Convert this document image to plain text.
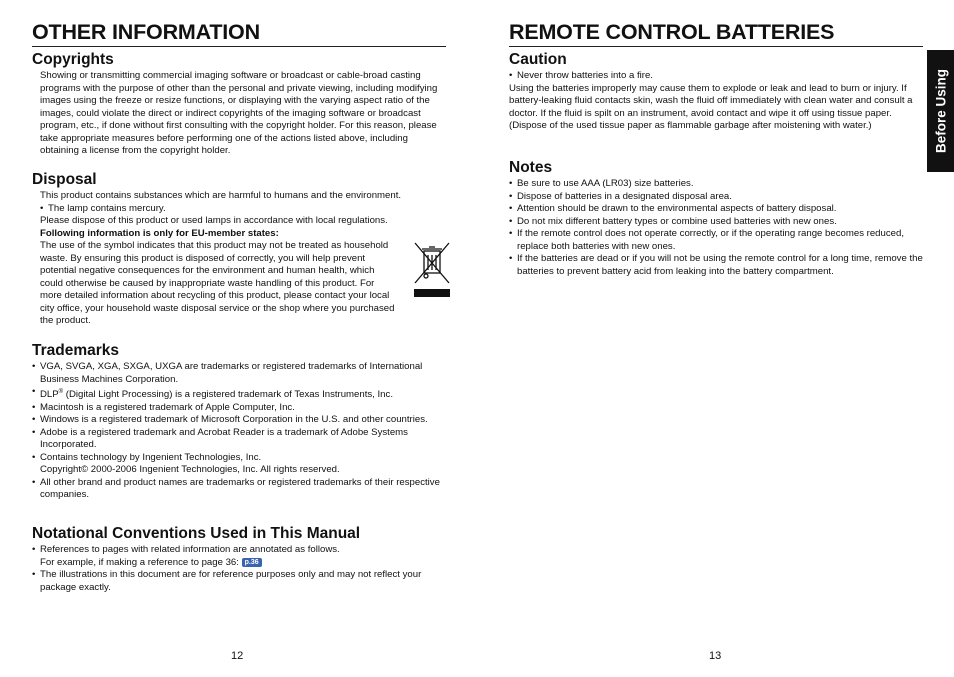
OTHER INFORMATION
Copyrights

Showing or transmitting commercial imaging software or broadcast or cable-broad casting programs with the purpose of other than the personal and private viewing, including modifying images using the freeze or resize functions, or displaying with the varying aspect ratio of the images, could violate the direct or indirect copyrights of the imaging software or broadcast program, etc., if done without first consulting with the copyright holder. For this reason, please take appropriate measures before performing one of the actions listed above, including obtaining a license from the copyright holder.

Disposal

This product contains substances which are harmful to humans and the environment.

• The lamp contains mercury.

Please dispose of this product or used lamps in accordance with local regulations.

Following information is only for EU-member states:

The use of the symbol indicates that this product may not be treated as household waste. By ensuring this product is disposed of correctly, you will help prevent potential negative consequences for the environment and human health, which could otherwise be caused by inappropriate waste handling of this product. For more detailed information about recycling of this product, please contact your local city office, your household waste disposal service or the shop where you purchased the product.

Trademarks
• VGA, SVGA, XGA, SXGA, UXGA are trademarks or registered trademarks of International Business Machines Corporation.
• DLP® (Digital Light Processing) is a registered trademark of Texas Instruments, Inc.
• Macintosh is a registered trademark of Apple Computer, Inc.
• Windows is a registered trademark of Microsoft Corporation in the U.S. and other countries.
• Adobe is a registered trademark and Acrobat Reader is a trademark of Adobe Systems Incorporated.
• Contains technology by Ingenient Technologies, Inc.
Copyright© 2000-2006 Ingenient Technologies, Inc. All rights reserved.
• All other brand and product names are trademarks or registered trademarks of their respective companies.
Notational Conventions Used in This Manual
• References to pages with related information are annotated as follows.
For example, if making a reference to page 36: p.36
• The illustrations in this document are for reference purposes only and may not reflect your package exactly.
12
REMOTE CONTROL BATTERIES
Caution
• Never throw batteries into a fire.

Using the batteries improperly may cause them to explode or leak and lead to burn or injury. If battery-leaking fluid contacts skin, wash the fluid off immediately with clean water and consult a doctor. If the fluid is spilt on an instrument, avoid contact and wipe it off using tissue paper. (Dispose of the used tissue paper as flammable garbage after moistening with water.)

Notes
• Be sure to use AAA (LR03) size batteries.
• Dispose of batteries in a designated disposal area.
• Attention should be drawn to the environmental aspects of battery disposal.
• Do not mix different battery types or combine used batteries with new ones.
• If the remote control does not operate correctly, or if the operating range becomes reduced, replace both batteries with new ones.
• If the batteries are dead or if you will not be using the remote control for a long time, remove the batteries to prevent battery acid from leaking into the battery compartment.
13
Before Using
